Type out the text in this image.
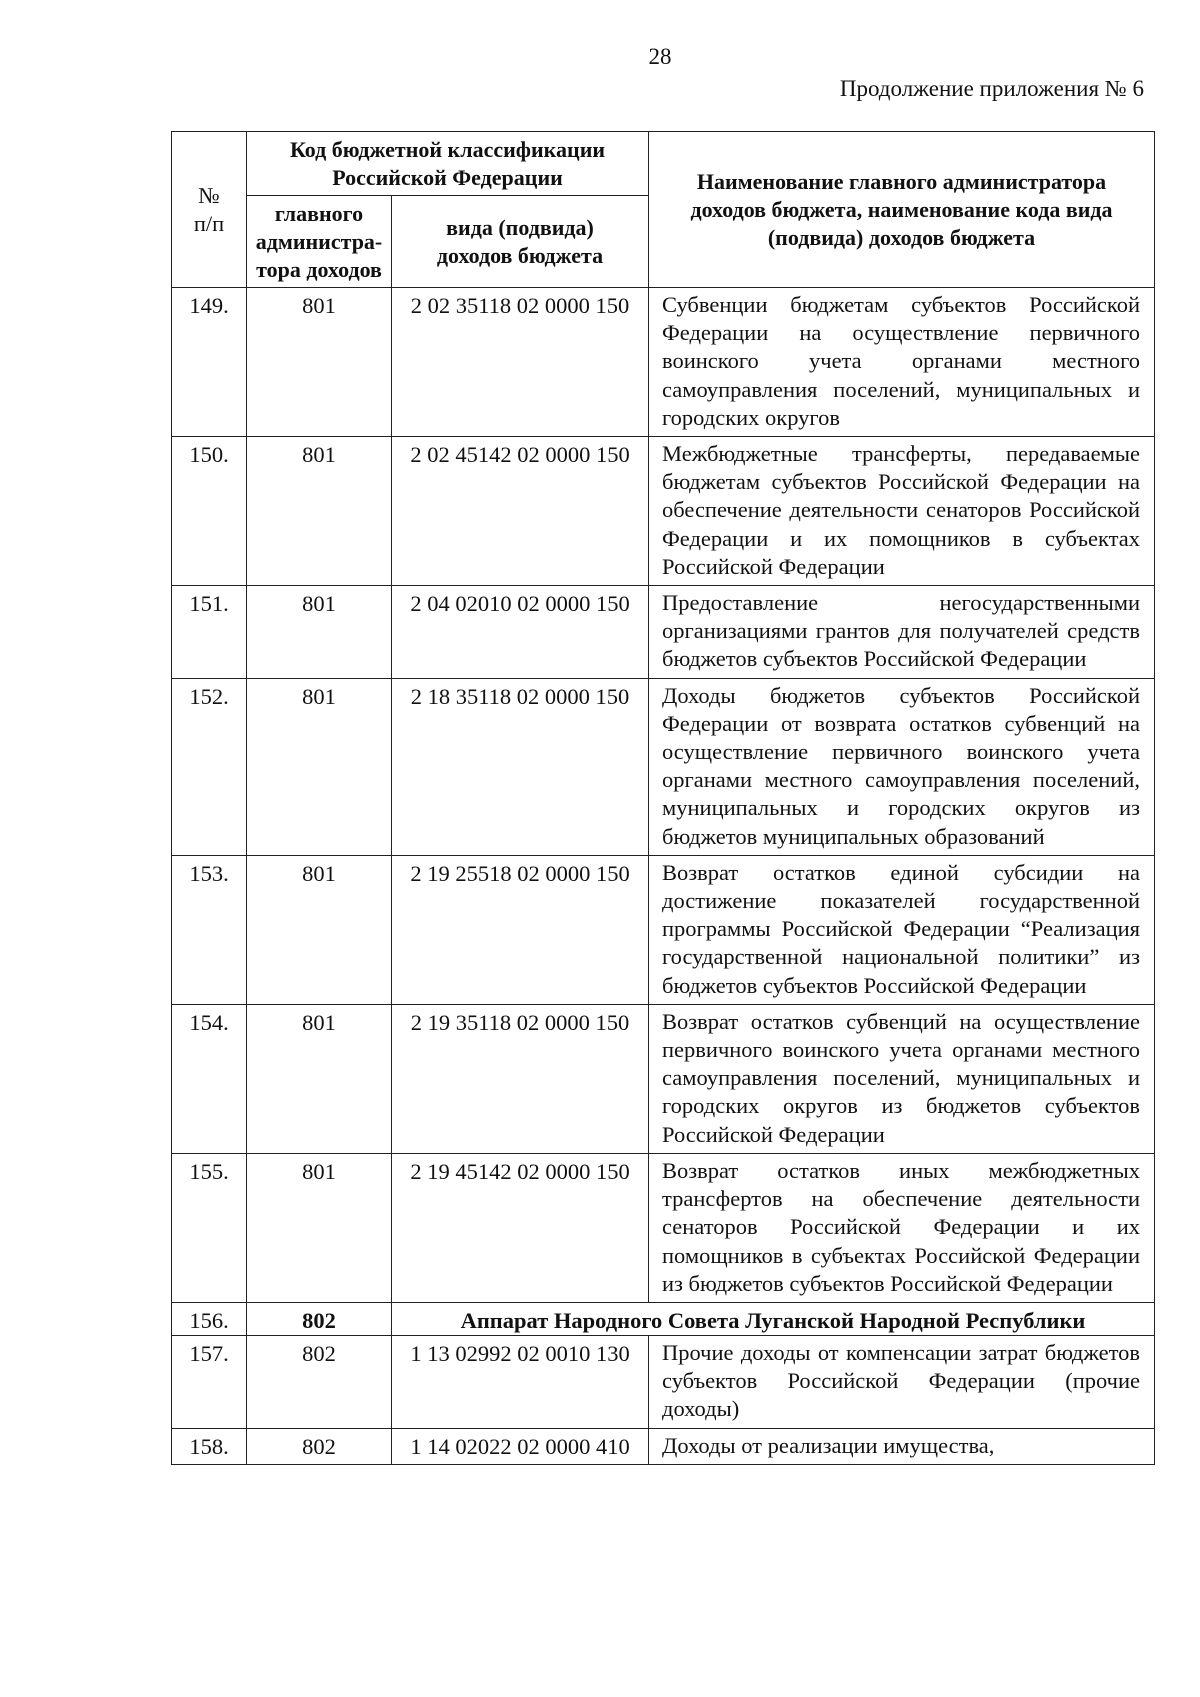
28
Продолжение приложения № 6
№
п/п	Код бюджетной классификации Российской Федерации		Наименование главного администратора доходов бюджета, наименование кода вида (подвида) доходов бюджета
	главного администра-тора доходов	вида (подвида) доходов бюджета	
149.	801	2 02 35118 02 0000 150	Субвенции бюджетам субъектов Российской Федерации на осуществление первичного воинского учета органами местного самоуправления поселений, муниципальных и городских округов
150.	801	2 02 45142 02 0000 150	Межбюджетные трансферты, передаваемые бюджетам субъектов Российской Федерации на обеспечение деятельности сенаторов Российской Федерации и их помощников в субъектах Российской Федерации
151.	801	2 04 02010 02 0000 150	Предоставление негосударственными организациями грантов для получателей средств бюджетов субъектов Российской Федерации
152.	801	2 18 35118 02 0000 150	Доходы бюджетов субъектов Российской Федерации от возврата остатков субвенций на осуществление первичного воинского учета органами местного самоуправления поселений, муниципальных и городских округов из бюджетов муниципальных образований
153.	801	2 19 25518 02 0000 150	Возврат остатков единой субсидии на достижение показателей государственной программы Российской Федерации “Реализация государственной национальной политики” из бюджетов субъектов Российской Федерации
154.	801	2 19 35118 02 0000 150	Возврат остатков субвенций на осуществление первичного воинского учета органами местного самоуправления поселений, муниципальных и городских округов из бюджетов субъектов Российской Федерации
155.	801	2 19 45142 02 0000 150	Возврат остатков иных межбюджетных трансфертов на обеспечение деятельности сенаторов Российской Федерации и их помощников в субъектах Российской Федерации из бюджетов субъектов Российской Федерации
156.	802	Аппарат Народного Совета Луганской Народной Республики	
157.	802	1 13 02992 02 0010 130	Прочие доходы от компенсации затрат бюджетов субъектов Российской Федерации (прочие доходы)
158.	802	1 14 02022 02 0000 410	Доходы от реализации имущества,
